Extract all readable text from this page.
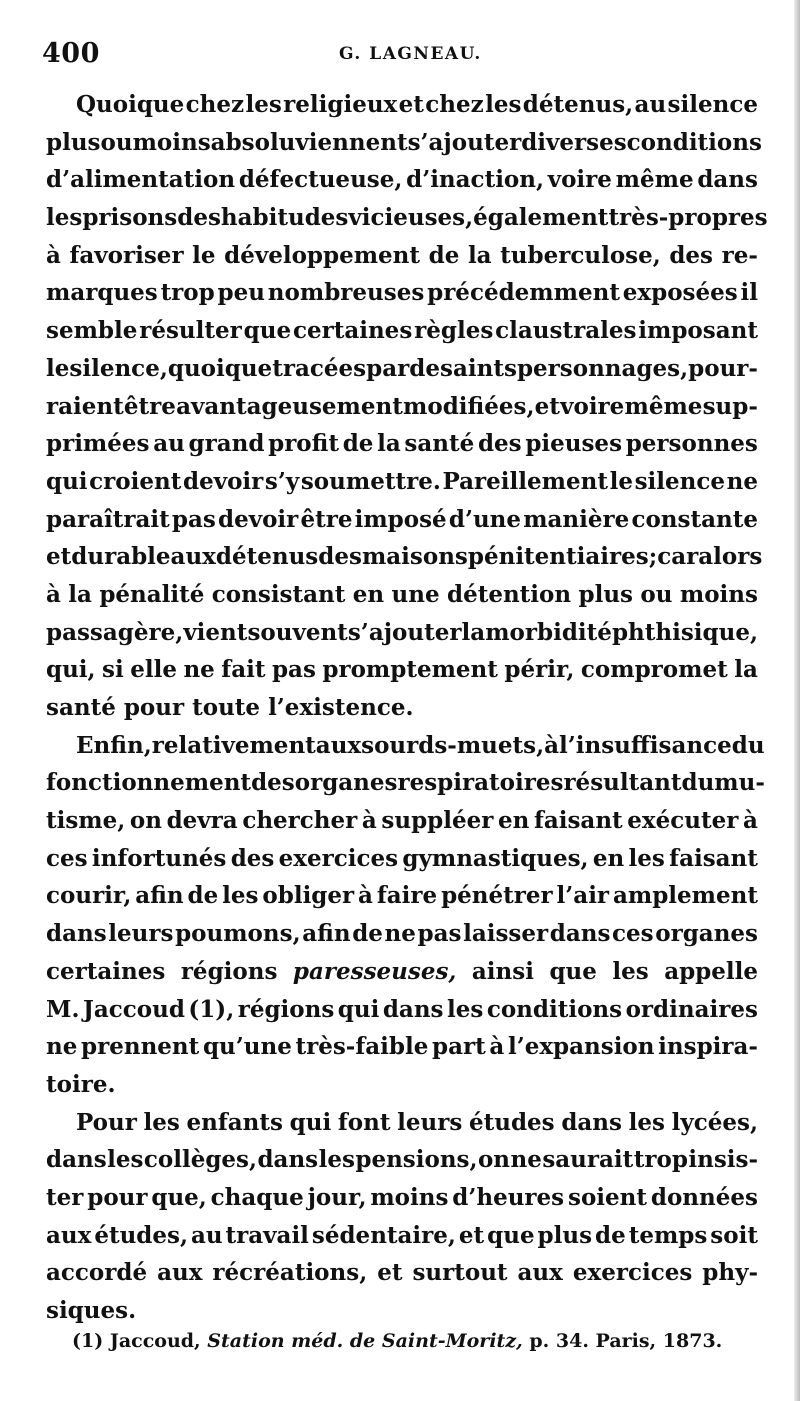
400	G. LAGNEAU.
Quoique chez les religieux et chez les détenus, au silence
plus ou moins absolu viennent s’ajouter diverses conditions
d’alimentation défectueuse, d’inaction, voire même dans
les prisons des habitudes vicieuses, également très-propres
à favoriser le développement de la tuberculose, des re-
marques trop peu nombreuses précédemment exposées il
semble résulter que certaines règles claustrales imposant
le silence, quoique tracées par de saints personnages, pour-
raient être avantageusement modifiées, et voire même sup-
primées au grand profit de la santé des pieuses personnes
qui croient devoir s’y soumettre. Pareillement le silence ne
paraîtrait pas devoir être imposé d’une manière constante
et durable aux détenus des maisons pénitentiaires ; car alors
à la pénalité consistant en une détention plus ou moins
passagère, vient souvent s’ajouter la morbidité phthisique,
qui, si elle ne fait pas promptement périr, compromet la
santé pour toute l’existence.
Enfin, relativement aux sourds-muets, à l’insuffisance du
fonctionnement des organes respiratoires résultant du mu-
tisme, on devra chercher à suppléer en faisant exécuter à
ces infortunés des exercices gymnastiques, en les faisant
courir, afin de les obliger à faire pénétrer l’air amplement
dans leurs poumons, afin de ne pas laisser dans ces organes
certaines régions paresseuses, ainsi que les appelle
M. Jaccoud (1), régions qui dans les conditions ordinaires
ne prennent qu’une très-faible part à l’expansion inspira-
toire.
Pour les enfants qui font leurs études dans les lycées,
dans les collèges, dans les pensions, on ne saurait trop insis-
ter pour que, chaque jour, moins d’heures soient données
aux études, au travail sédentaire, et que plus de temps soit
accordé aux récréations, et surtout aux exercices phy-
siques.
(1) Jaccoud, Station méd. de Saint-Moritz, p. 34. Paris, 1873.
